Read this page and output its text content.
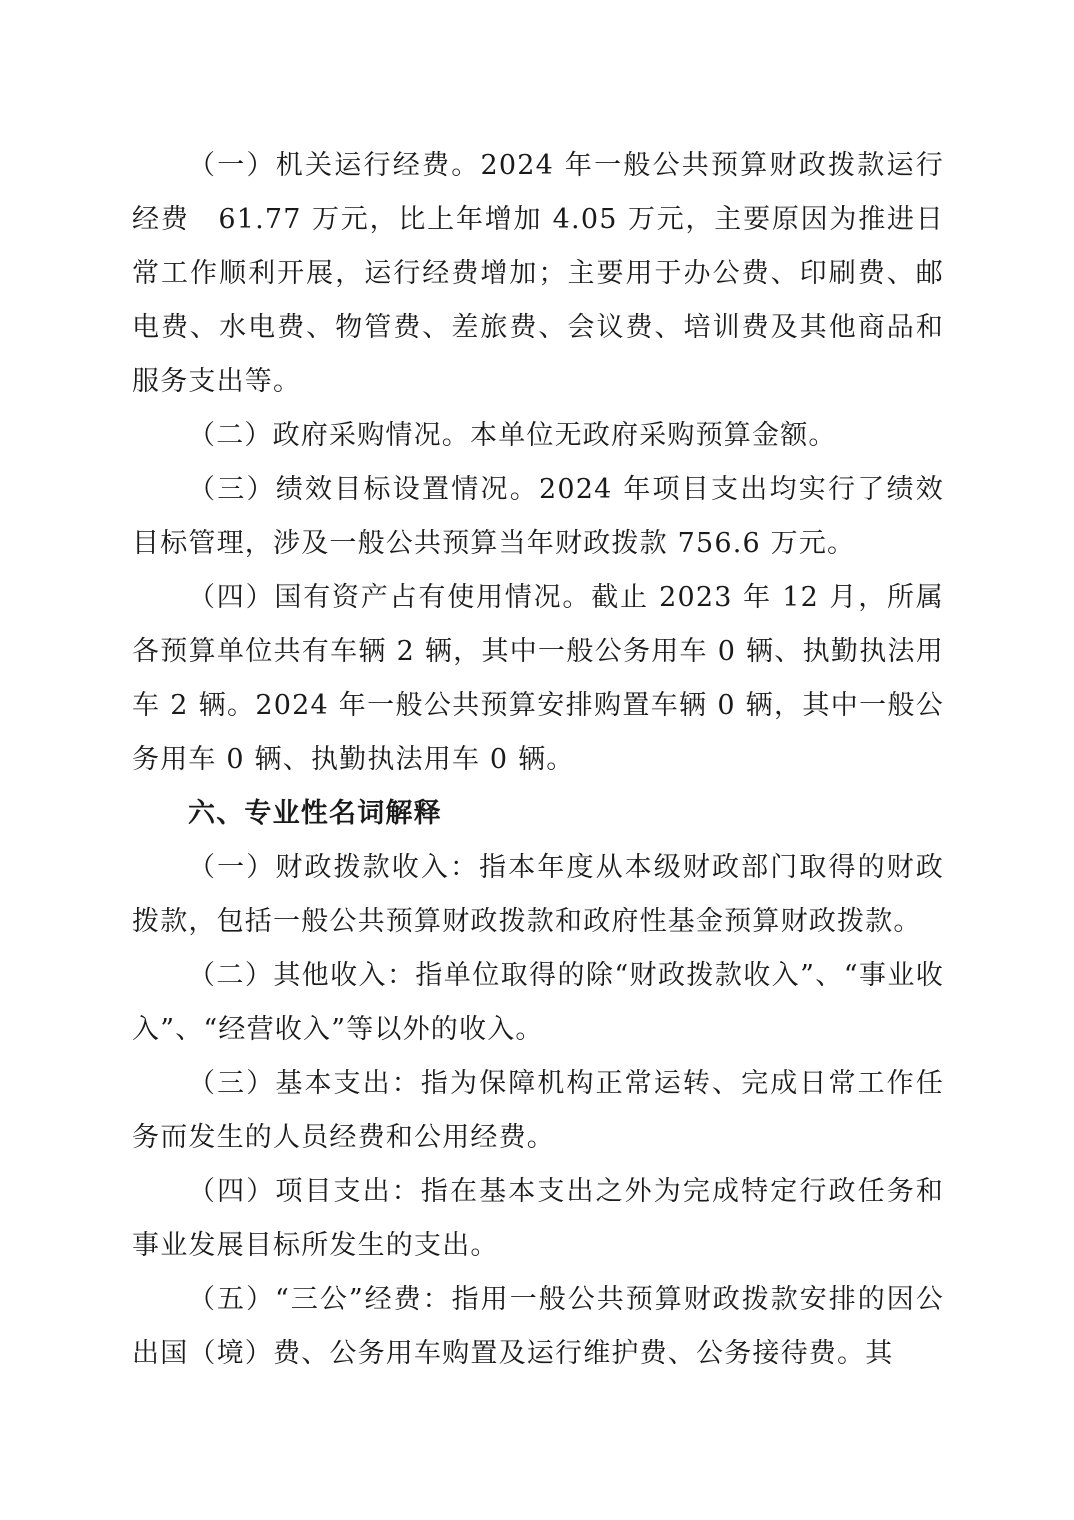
（一）机关运行经费。2024 年一般公共预算财政拨款运行经费　61.77 万元，比上年增加 4.05 万元，主要原因为推进日常工作顺利开展，运行经费增加；主要用于办公费、印刷费、邮电费、水电费、物管费、差旅费、会议费、培训费及其他商品和服务支出等。

（二）政府采购情况。本单位无政府采购预算金额。

（三）绩效目标设置情况。2024 年项目支出均实行了绩效目标管理，涉及一般公共预算当年财政拨款 756.6 万元。

（四）国有资产占有使用情况。截止 2023 年 12 月，所属各预算单位共有车辆 2 辆，其中一般公务用车 0 辆、执勤执法用车 2 辆。2024 年一般公共预算安排购置车辆 0 辆，其中一般公务用车 0 辆、执勤执法用车 0 辆。

六、专业性名词解释

（一）财政拨款收入：指本年度从本级财政部门取得的财政拨款，包括一般公共预算财政拨款和政府性基金预算财政拨款。

（二）其他收入：指单位取得的除“财政拨款收入”、“事业收入”、“经营收入”等以外的收入。

（三）基本支出：指为保障机构正常运转、完成日常工作任务而发生的人员经费和公用经费。

（四）项目支出：指在基本支出之外为完成特定行政任务和事业发展目标所发生的支出。

（五）“三公”经费：指用一般公共预算财政拨款安排的因公出国（境）费、公务用车购置及运行维护费、公务接待费。其
